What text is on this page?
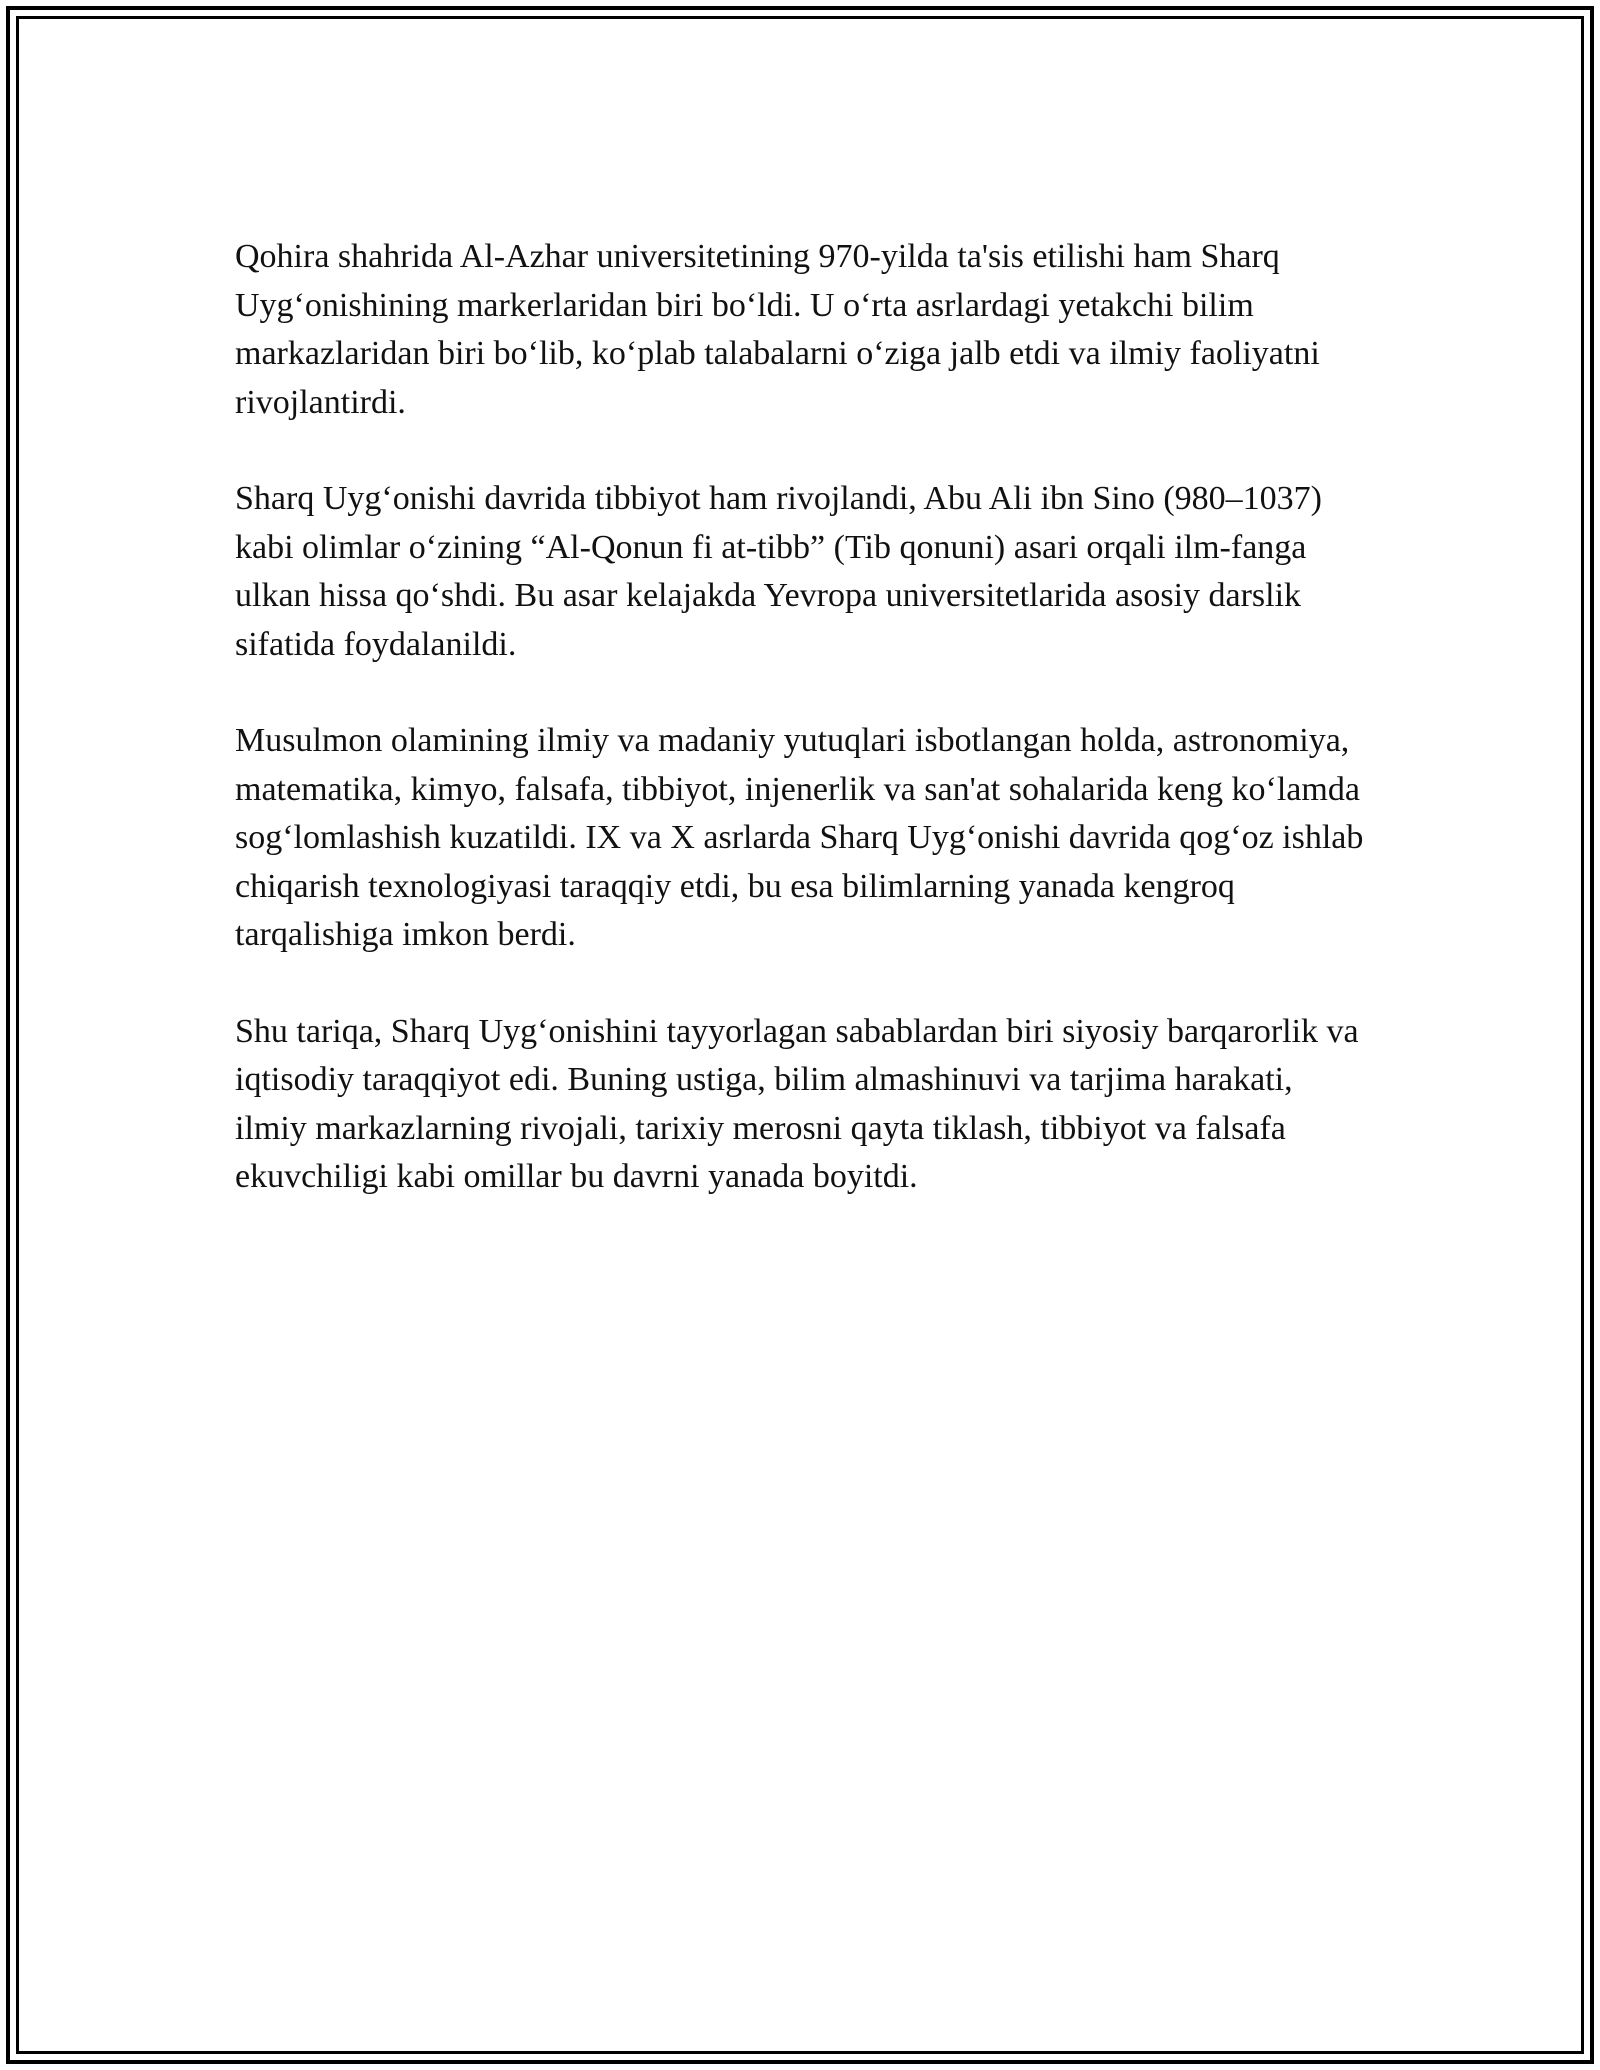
Qohira shahrida Al-Azhar universitetining 970-yilda ta'sis etilishi ham Sharq Uyg‘onishining markerlaridan biri bo‘ldi. U o‘rta asrlardagi yetakchi bilim markazlaridan biri bo‘lib, ko‘plab talabalarni o‘ziga jalb etdi va ilmiy faoliyatni rivojlantirdi.

Sharq Uyg‘onishi davrida tibbiyot ham rivojlandi, Abu Ali ibn Sino (980–1037) kabi olimlar o‘zining “Al-Qonun fi at-tibb” (Tib qonuni) asari orqali ilm-fanga ulkan hissa qo‘shdi. Bu asar kelajakda Yevropa universitetlarida asosiy darslik sifatida foydalanildi.

Musulmon olamining ilmiy va madaniy yutuqlari isbotlangan holda, astronomiya, matematika, kimyo, falsafa, tibbiyot, injenerlik va san'at sohalarida keng ko‘lamda sog‘lomlashish kuzatildi. IX va X asrlarda Sharq Uyg‘onishi davrida qog‘oz ishlab chiqarish texnologiyasi taraqqiy etdi, bu esa bilimlarning yanada kengroq tarqalishiga imkon berdi.

Shu tariqa, Sharq Uyg‘onishini tayyorlagan sabablardan biri siyosiy barqarorlik va iqtisodiy taraqqiyot edi. Buning ustiga, bilim almashinuvi va tarjima harakati, ilmiy markazlarning rivojali, tarixiy merosni qayta tiklash, tibbiyot va falsafa ekuvchiligi kabi omillar bu davrni yanada boyitdi.
